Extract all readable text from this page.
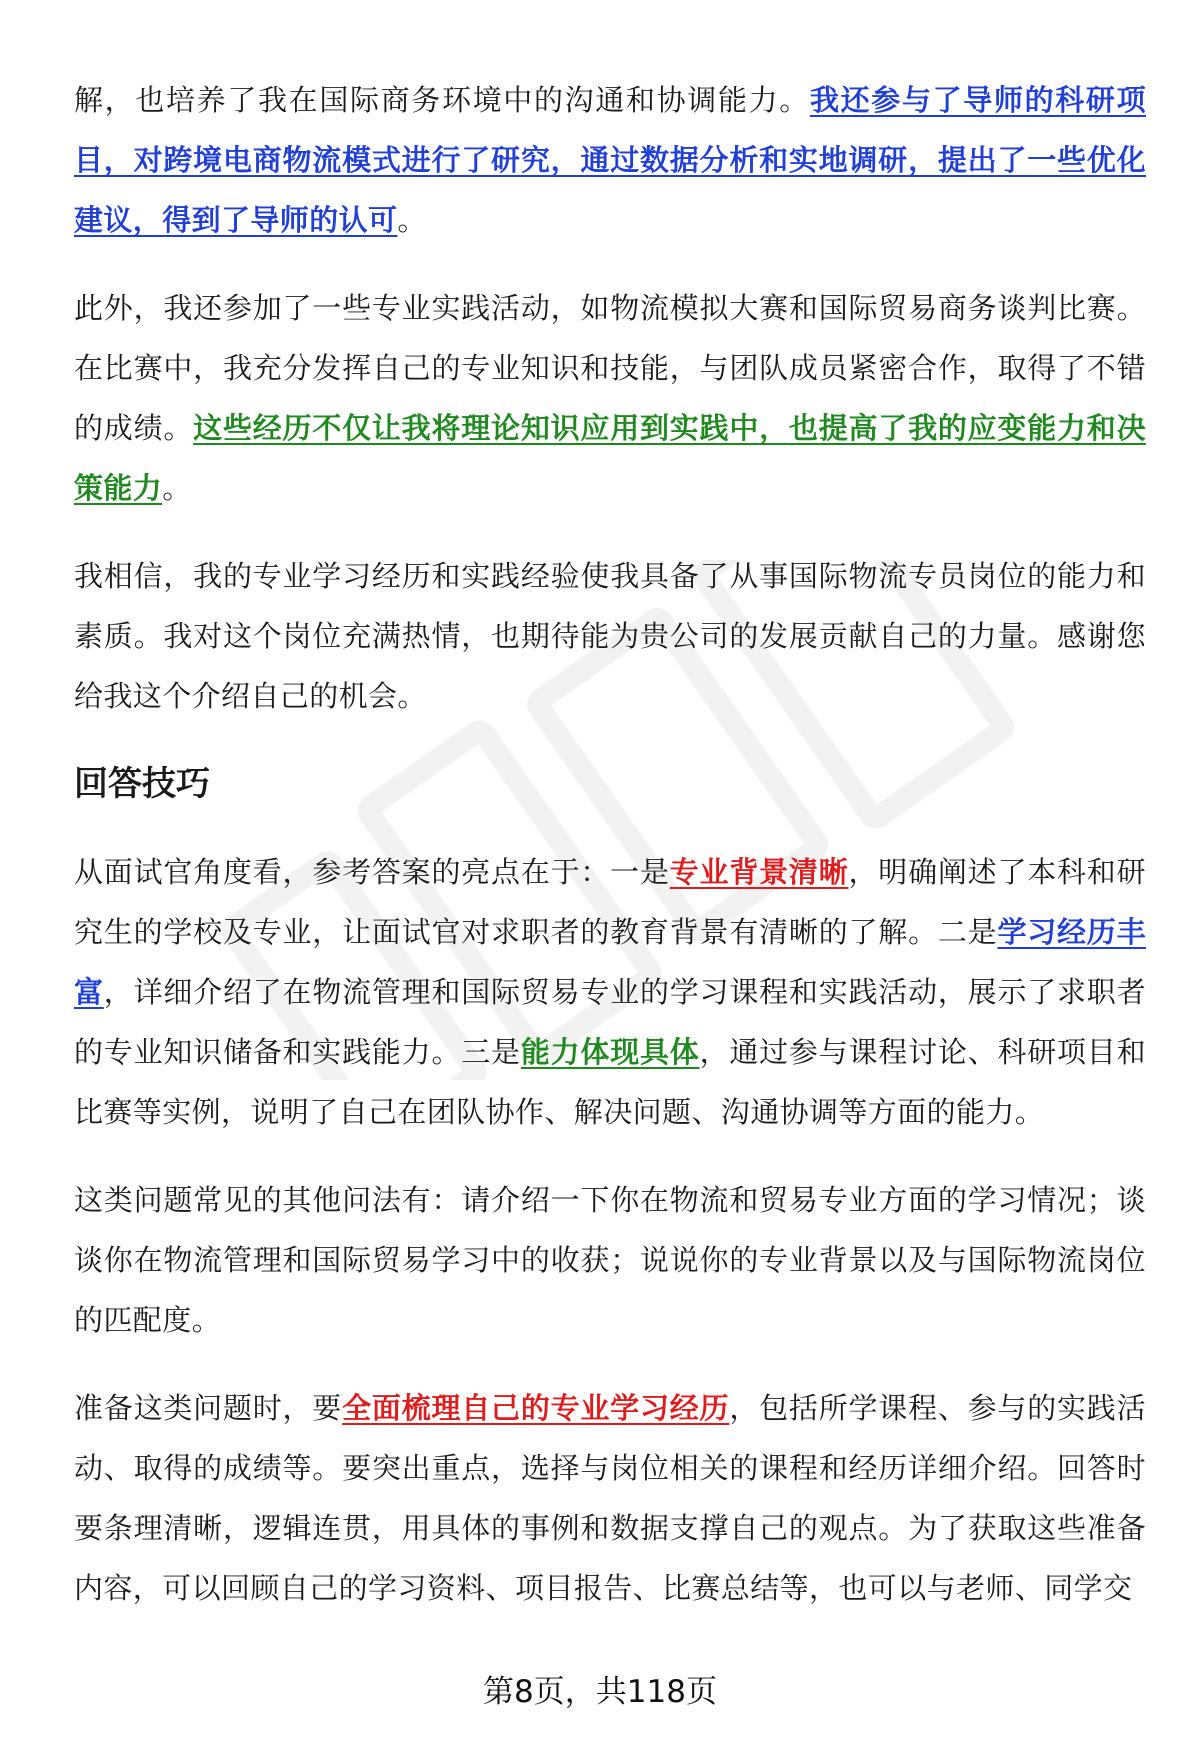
解，也培养了我在国际商务环境中的沟通和协调能力。我还参与了导师的科研项目，对跨境电商物流模式进行了研究，通过数据分析和实地调研，提出了一些优化建议，得到了导师的认可。

此外，我还参加了一些专业实践活动，如物流模拟大赛和国际贸易商务谈判比赛。在比赛中，我充分发挥自己的专业知识和技能，与团队成员紧密合作，取得了不错的成绩。这些经历不仅让我将理论知识应用到实践中，也提高了我的应变能力和决策能力。

我相信，我的专业学习经历和实践经验使我具备了从事国际物流专员岗位的能力和素质。我对这个岗位充满热情，也期待能为贵公司的发展贡献自己的力量。感谢您给我这个介绍自己的机会。

回答技巧

从面试官角度看，参考答案的亮点在于：一是专业背景清晰，明确阐述了本科和研究生的学校及专业，让面试官对求职者的教育背景有清晰的了解。二是学习经历丰富，详细介绍了在物流管理和国际贸易专业的学习课程和实践活动，展示了求职者的专业知识储备和实践能力。三是能力体现具体，通过参与课程讨论、科研项目和比赛等实例，说明了自己在团队协作、解决问题、沟通协调等方面的能力。

这类问题常见的其他问法有：请介绍一下你在物流和贸易专业方面的学习情况；谈谈你在物流管理和国际贸易学习中的收获；说说你的专业背景以及与国际物流岗位的匹配度。

准备这类问题时，要全面梳理自己的专业学习经历，包括所学课程、参与的实践活动、取得的成绩等。要突出重点，选择与岗位相关的课程和经历详细介绍。回答时要条理清晰，逻辑连贯，用具体的事例和数据支撑自己的观点。为了获取这些准备内容，可以回顾自己的学习资料、项目报告、比赛总结等，也可以与老师、同学交

第8页，共118页
